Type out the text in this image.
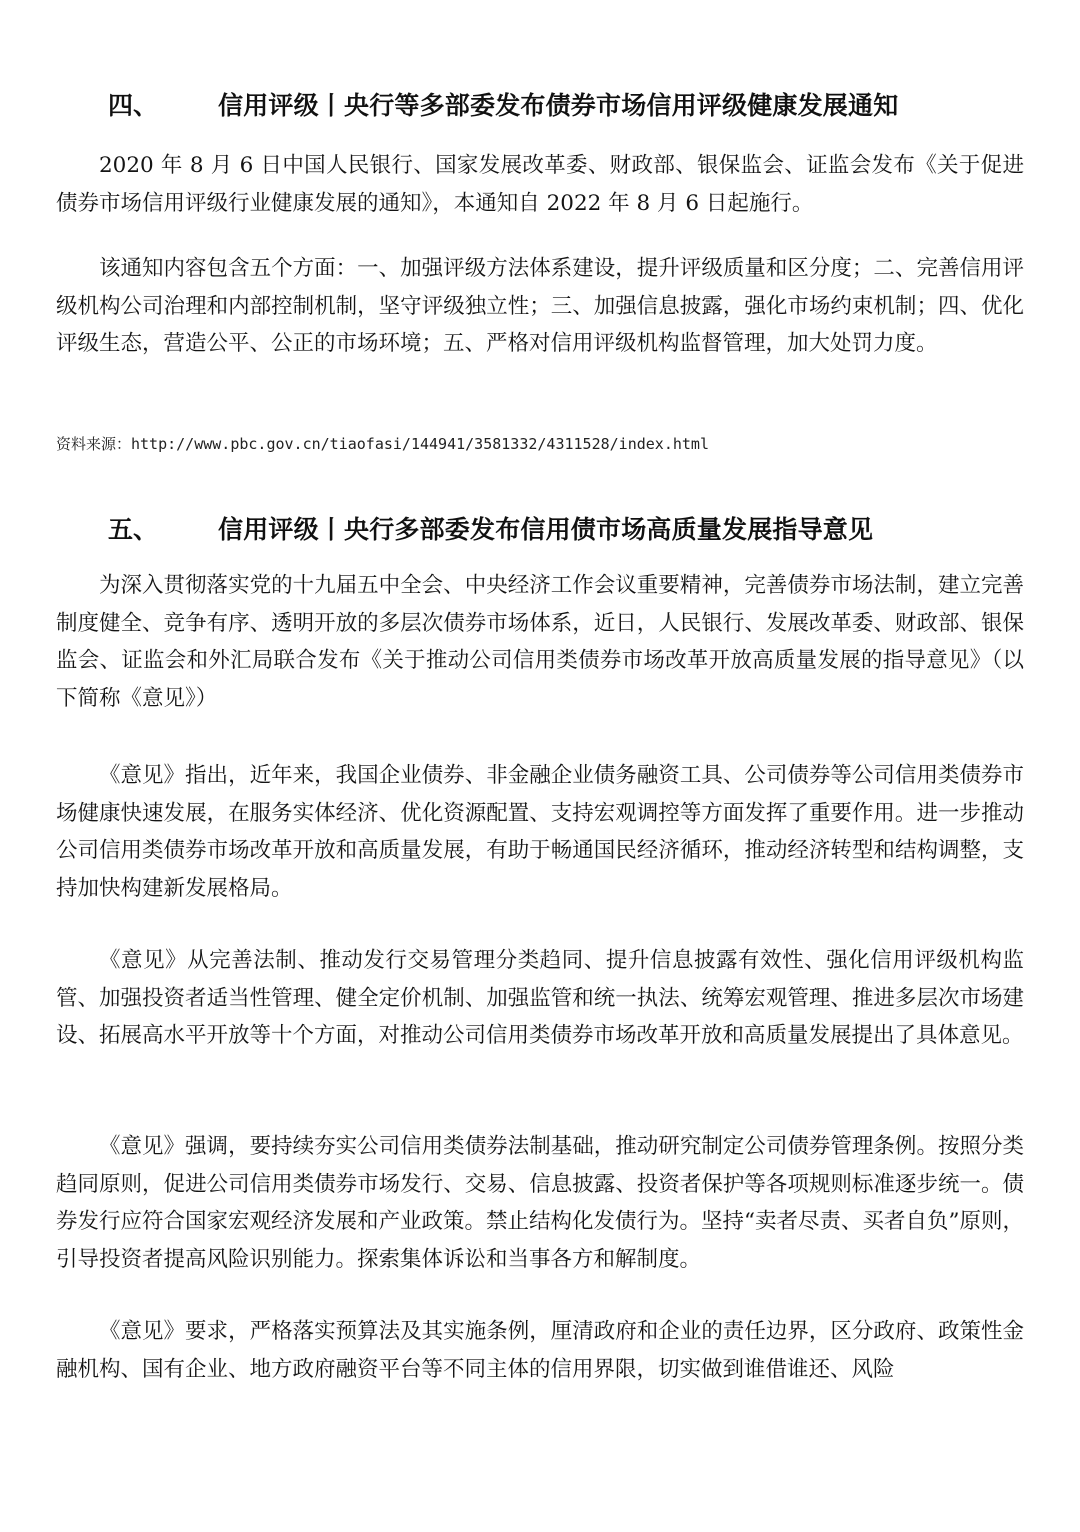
四、	信用评级丨央行等多部委发布债券市场信用评级健康发展通知

2020 年 8 月 6 日中国人民银行、国家发展改革委、财政部、银保监会、证监会发布《关于促进债券市场信用评级行业健康发展的通知》，本通知自 2022 年 8 月 6 日起施行。

该通知内容包含五个方面：一、加强评级方法体系建设，提升评级质量和区分度；二、完善信用评级机构公司治理和内部控制机制，坚守评级独立性；三、加强信息披露，强化市场约束机制；四、优化评级生态，营造公平、公正的市场环境；五、严格对信用评级机构监督管理，加大处罚力度。

资料来源：http://www.pbc.gov.cn/tiaofasi/144941/3581332/4311528/index.html

五、	信用评级丨央行多部委发布信用债市场高质量发展指导意见

为深入贯彻落实党的十九届五中全会、中央经济工作会议重要精神，完善债券市场法制，建立完善制度健全、竞争有序、透明开放的多层次债券市场体系，近日，人民银行、发展改革委、财政部、银保监会、证监会和外汇局联合发布《关于推动公司信用类债券市场改革开放高质量发展的指导意见》（以下简称《意见》）

《意见》指出，近年来，我国企业债券、非金融企业债务融资工具、公司债券等公司信用类债券市场健康快速发展，在服务实体经济、优化资源配置、支持宏观调控等方面发挥了重要作用。进一步推动公司信用类债券市场改革开放和高质量发展，有助于畅通国民经济循环，推动经济转型和结构调整，支持加快构建新发展格局。

《意见》从完善法制、推动发行交易管理分类趋同、提升信息披露有效性、强化信用评级机构监管、加强投资者适当性管理、健全定价机制、加强监管和统一执法、统筹宏观管理、推进多层次市场建设、拓展高水平开放等十个方面，对推动公司信用类债券市场改革开放和高质量发展提出了具体意见。

《意见》强调，要持续夯实公司信用类债券法制基础，推动研究制定公司债券管理条例。按照分类趋同原则，促进公司信用类债券市场发行、交易、信息披露、投资者保护等各项规则标准逐步统一。债券发行应符合国家宏观经济发展和产业政策。禁止结构化发债行为。坚持“卖者尽责、买者自负”原则，引导投资者提高风险识别能力。探索集体诉讼和当事各方和解制度。

《意见》要求，严格落实预算法及其实施条例，厘清政府和企业的责任边界，区分政府、政策性金融机构、国有企业、地方政府融资平台等不同主体的信用界限，切实做到谁借谁还、风险
